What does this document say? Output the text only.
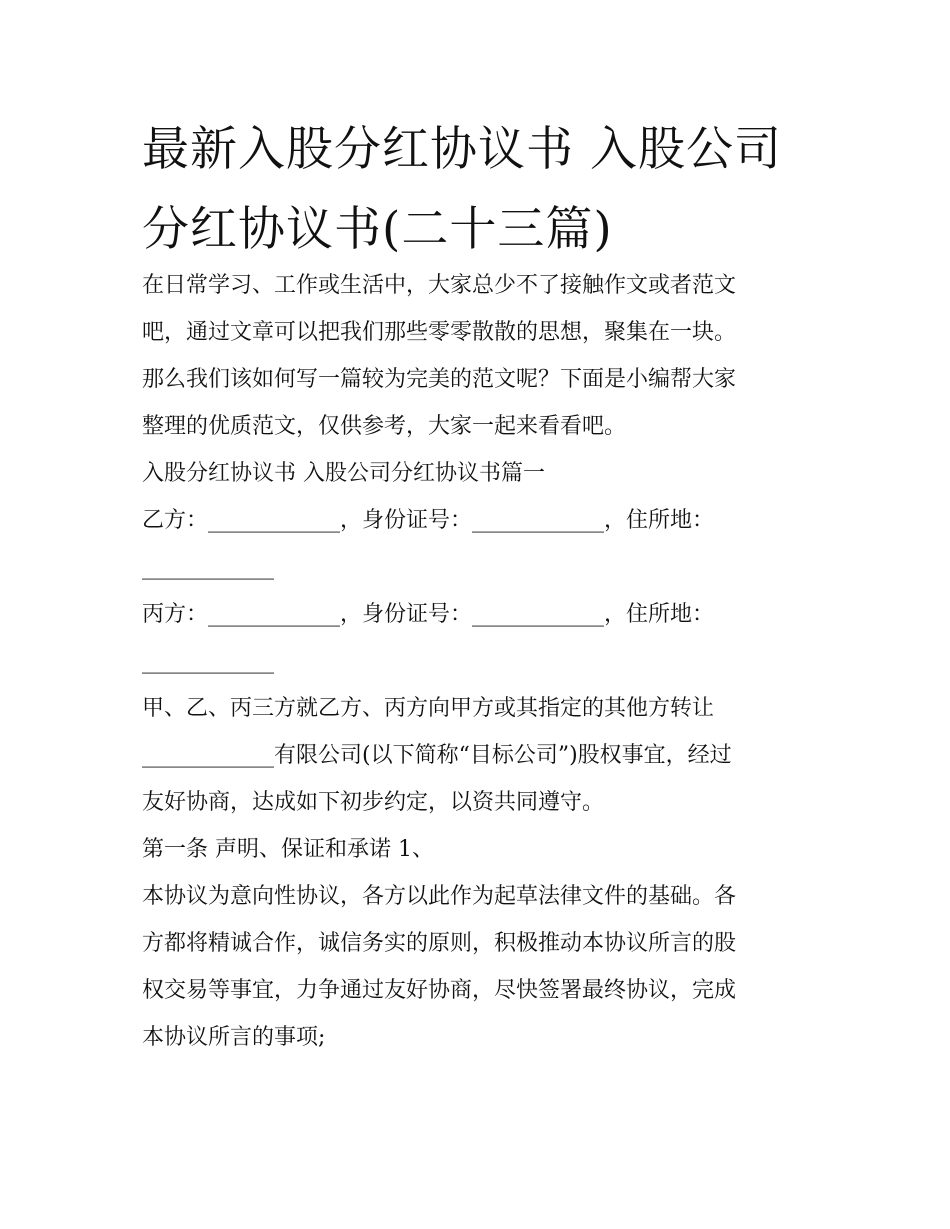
最新入股分红协议书 入股公司
分红协议书(二十三篇)
在日常学习、工作或生活中，大家总少不了接触作文或者范文
吧，通过文章可以把我们那些零零散散的思想，聚集在一块。
那么我们该如何写一篇较为完美的范文呢？下面是小编帮大家
整理的优质范文，仅供参考，大家一起来看看吧。
入股分红协议书 入股公司分红协议书篇一
乙方：____________，身份证号：____________，住所地：
____________
丙方：____________，身份证号：____________，住所地：
____________
甲、乙、丙三方就乙方、丙方向甲方或其指定的其他方转让
____________有限公司(以下简称“目标公司”)股权事宜，经过
友好协商，达成如下初步约定，以资共同遵守。
第一条 声明、保证和承诺 1、
本协议为意向性协议，各方以此作为起草法律文件的基础。各
方都将精诚合作，诚信务实的原则，积极推动本协议所言的股
权交易等事宜，力争通过友好协商，尽快签署最终协议，完成
本协议所言的事项;
